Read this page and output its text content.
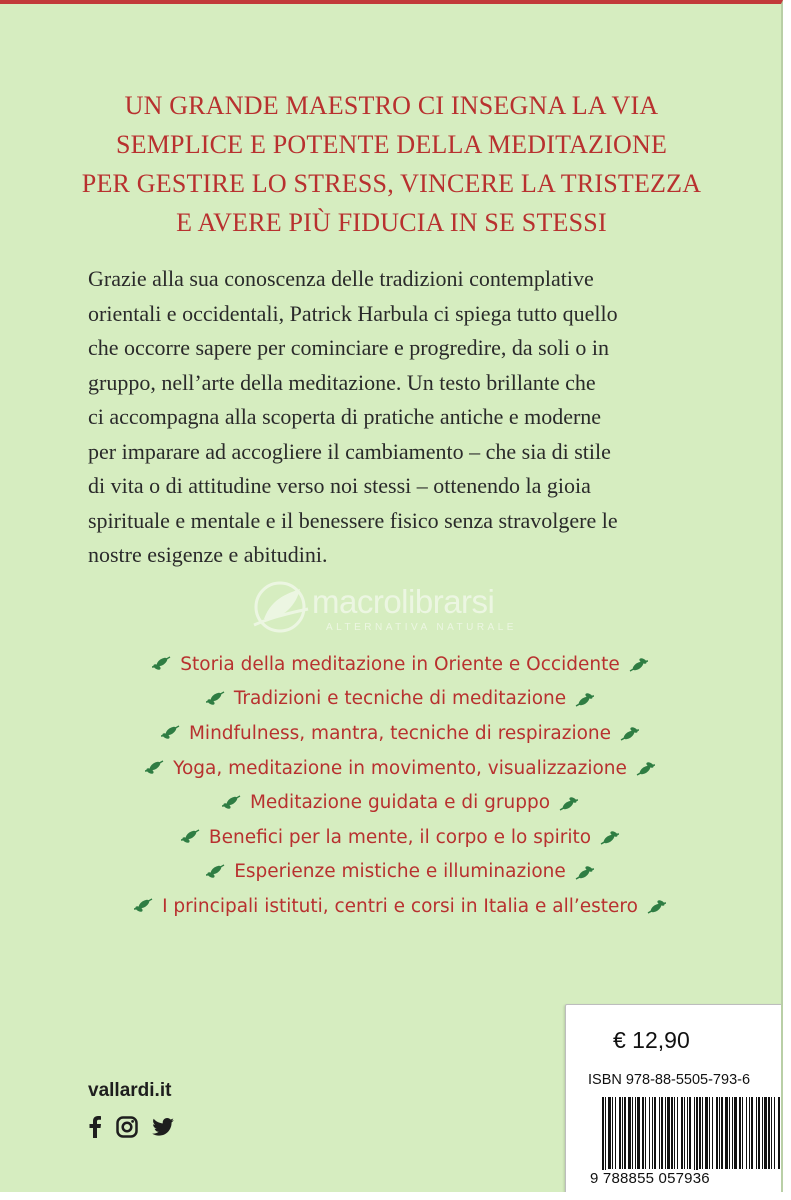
UN GRANDE MAESTRO CI INSEGNA LA VIA
SEMPLICE E POTENTE DELLA MEDITAZIONE
PER GESTIRE LO STRESS, VINCERE LA TRISTEZZA
E AVERE PIÙ FIDUCIA IN SE STESSI
Grazie alla sua conoscenza delle tradizioni contemplative
orientali e occidentali, Patrick Harbula ci spiega tutto quello
che occorre sapere per cominciare e progredire, da soli o in
gruppo, nell’arte della meditazione. Un testo brillante che
ci accompagna alla scoperta di pratiche antiche e moderne
per imparare ad accogliere il cambiamento – che sia di stile
di vita o di attitudine verso noi stessi – ottenendo la gioia
spirituale e mentale e il benessere fisico senza stravolgere le
nostre esigenze e abitudini.
macrolibrarsi
ALTERNATIVA NATURALE
Storia della meditazione in Oriente e Occidente
Tradizioni e tecniche di meditazione
Mindfulness, mantra, tecniche di respirazione
Yoga, meditazione in movimento, visualizzazione
Meditazione guidata e di gruppo
Benefici per la mente, il corpo e lo spirito
Esperienze mistiche e illuminazione
I principali istituti, centri e corsi in Italia e all’estero
vallardi.it
€ 12,90
ISBN 978-88-5505-793-6
9 788855 057936
